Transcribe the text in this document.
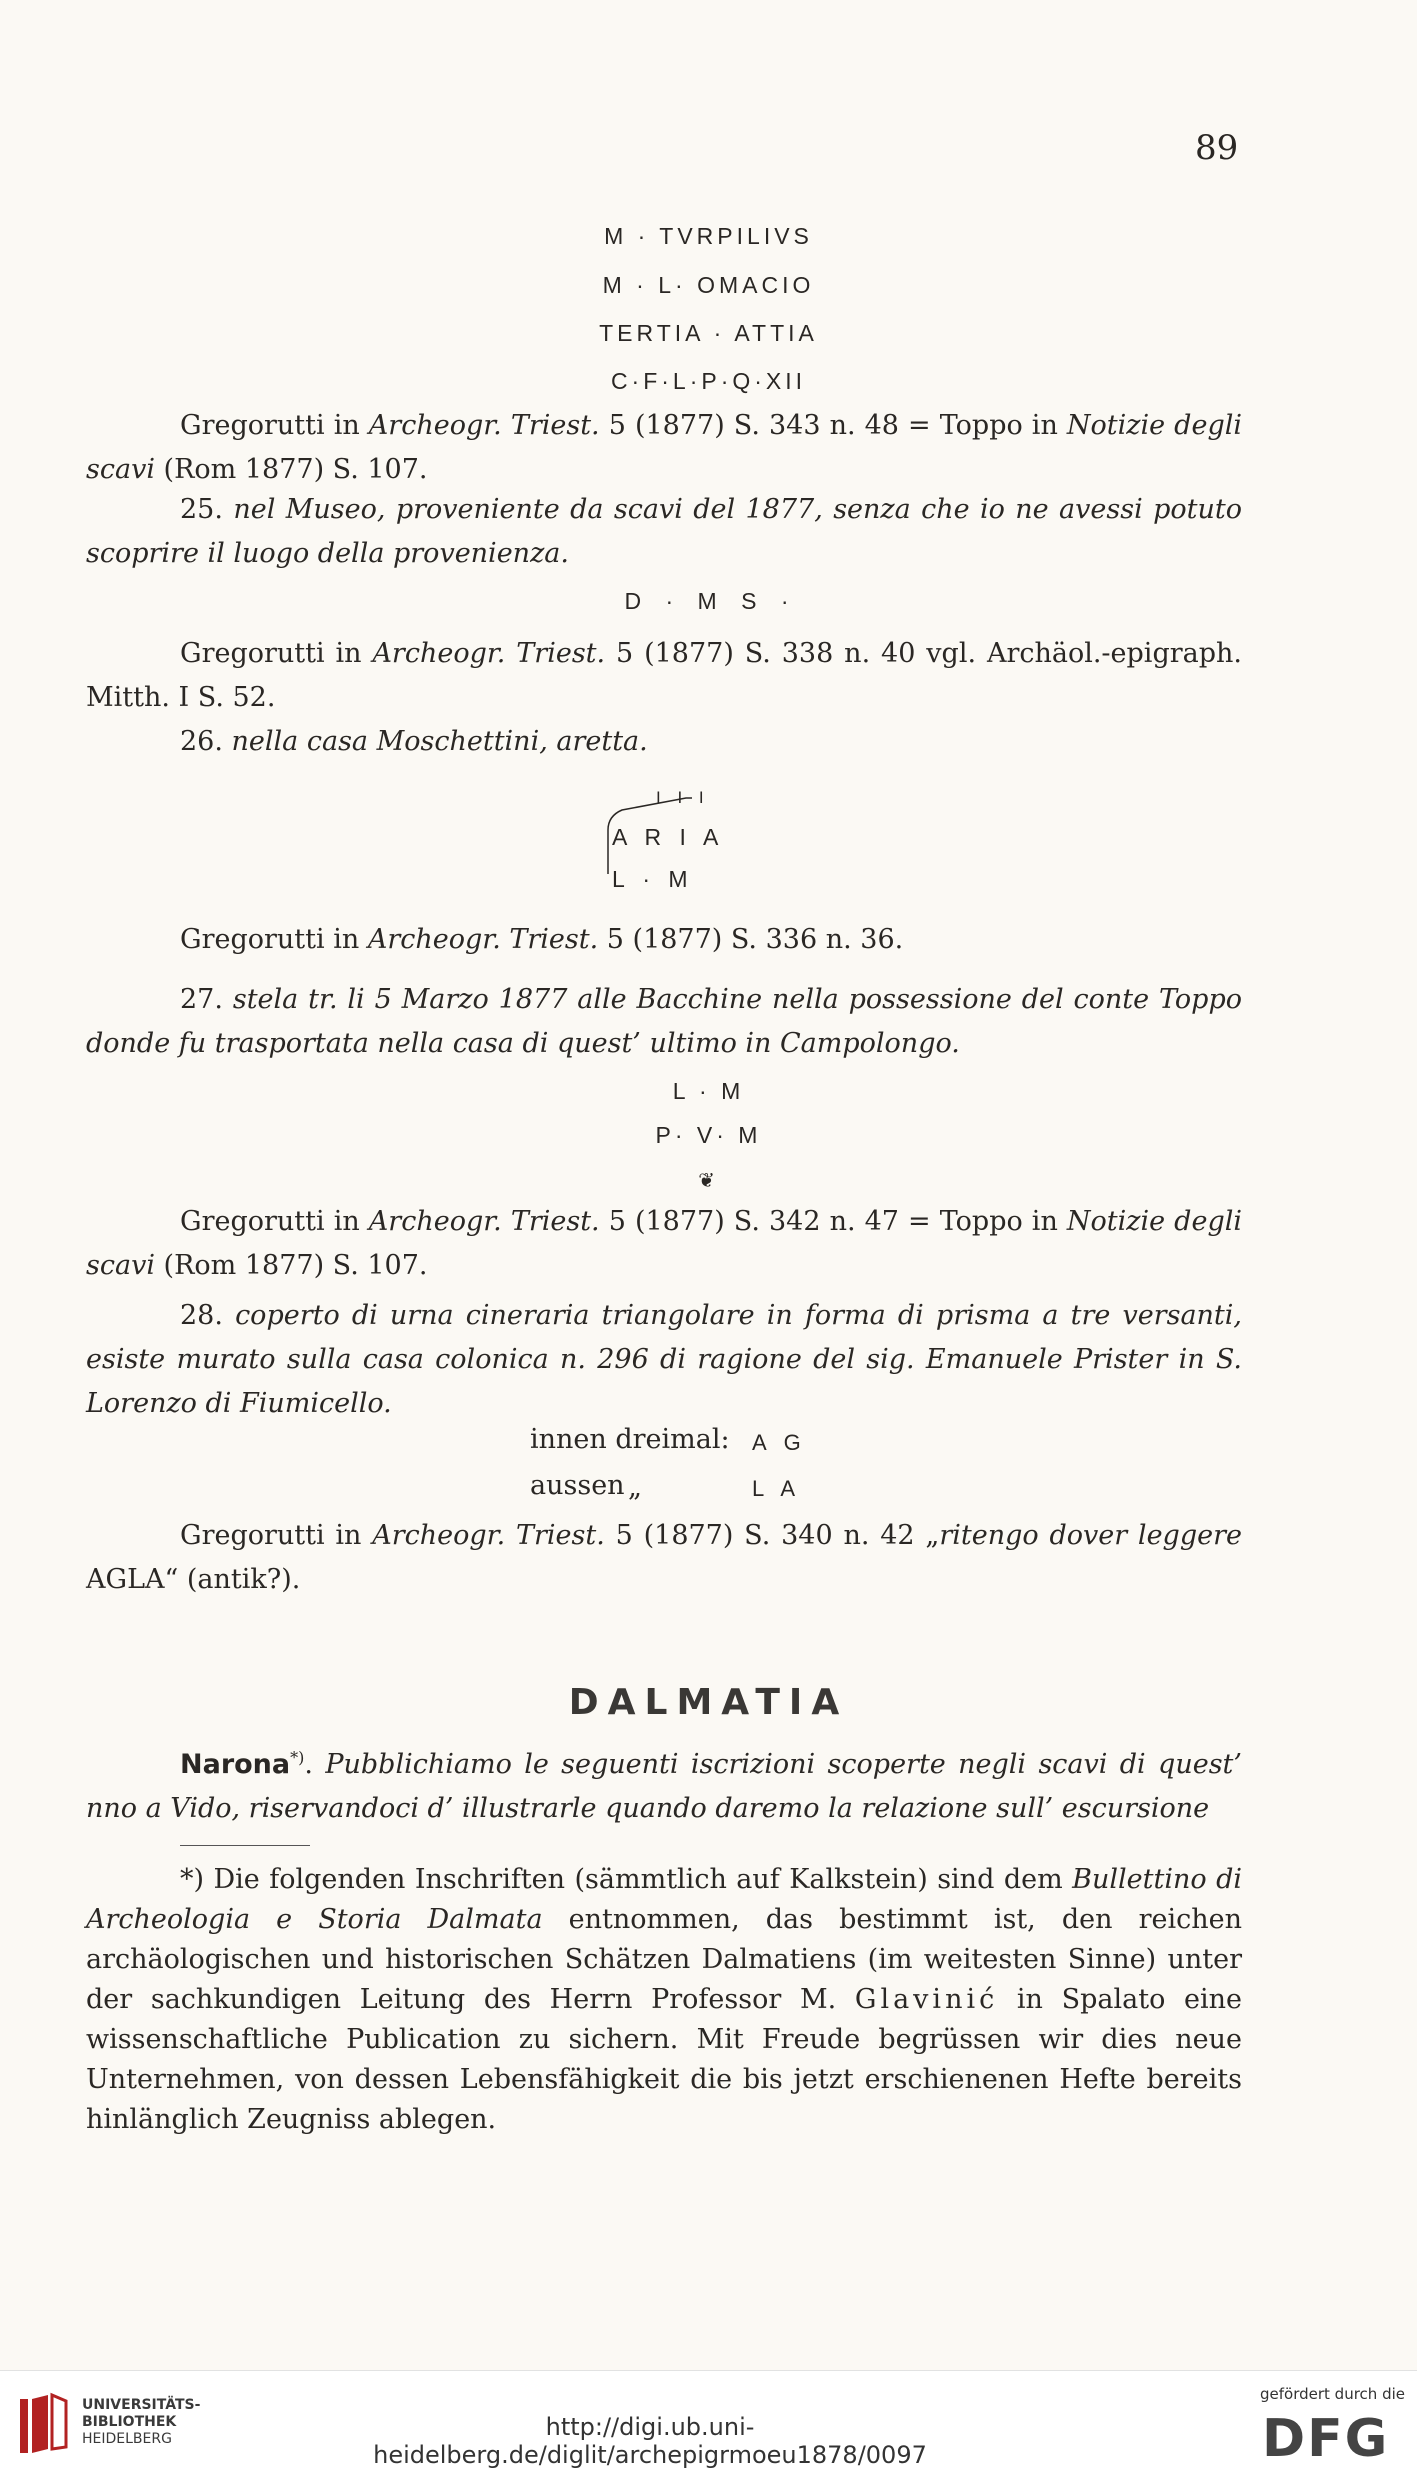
89
M · TVRPILIVS
M · L· OMACIO
TERTIA · ATTIA
C·F·L·P·Q·XII
Gregorutti in Archeogr. Triest. 5 (1877) S. 343 n. 48 = Toppo in Notizie degli scavi (Rom 1877) S. 107.
25. nel Museo, proveniente da scavi del 1877, senza che io ne avessi potuto scoprire il luogo della provenienza.
D · M S ·
Gregorutti in Archeogr. Triest. 5 (1877) S. 338 n. 40 vgl. Archäol.-epigraph. Mitth. I S. 52.
26. nella casa Moschettini, aretta.
I I I
A R I A
L · M
Gregorutti in Archeogr. Triest. 5 (1877) S. 336 n. 36.
27. stela tr. li 5 Marzo 1877 alle Bacchine nella possessione del conte Toppo donde fu trasportata nella casa di quest’ ultimo in Campolongo.
L · M
P· V· M
❦
Gregorutti in Archeogr. Triest. 5 (1877) S. 342 n. 47 = Toppo in Notizie degli scavi (Rom 1877) S. 107.
28. coperto di urna cineraria triangolare in forma di prisma a tre versanti, esiste murato sulla casa colonica n. 296 di ragione del sig. Emanuele Prister in S. Lorenzo di Fiumicello.
innen dreimal: A G
aussen „	L A
Gregorutti in Archeogr. Triest. 5 (1877) S. 340 n. 42 „ritengo dover leggere AGLA“ (antik?).
DALMATIA
Narona*). Pubblichiamo le seguenti iscrizioni scoperte negli scavi di quest’ nno a Vido, riservandoci d’ illustrarle quando daremo la relazione sull’ escursione
*) Die folgenden Inschriften (sämmtlich auf Kalkstein) sind dem Bullettino di Archeologia e Storia Dalmata entnommen, das bestimmt ist, den reichen archäologischen und historischen Schätzen Dalmatiens (im weitesten Sinne) unter der sachkundigen Leitung des Herrn Professor M. Glavinić in Spalato eine wissenschaftliche Publication zu sichern. Mit Freude begrüssen wir dies neue Unternehmen, von dessen Lebensfähigkeit die bis jetzt erschienenen Hefte bereits hinlänglich Zeugniss ablegen.
UNIVERSITÄTS-
BIBLIOTHEK
HEIDELBERG	http://digi.ub.uni-heidelberg.de/diglit/archepigrmoeu1878/0097
gefördert durch die
DFG
